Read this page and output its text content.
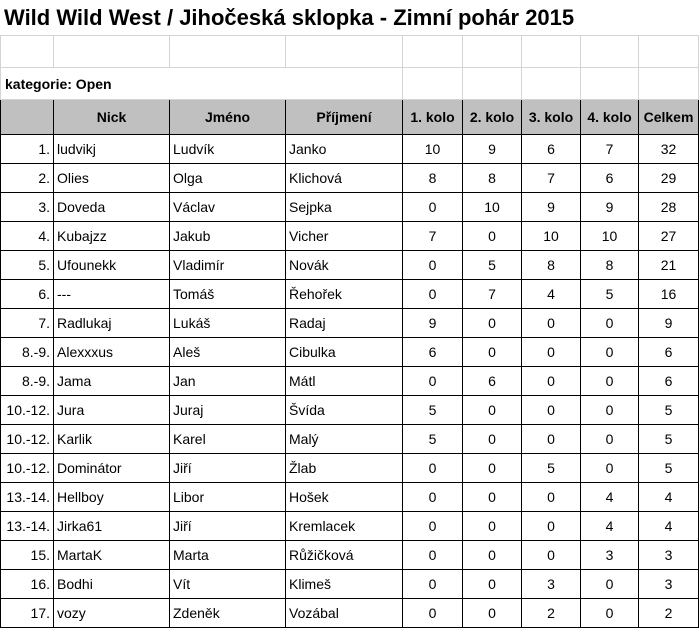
Wild Wild West / Jihočeská sklopka - Zimní pohár 2015

kategorie: Open								
	Nick	Jméno	Příjmení	1. kolo	2. kolo	3. kolo	4. kolo	Celkem
1.	ludvikj	Ludvík	Janko	10	9	6	7	32
2.	Olies	Olga	Klichová	8	8	7	6	29
3.	Doveda	Václav	Sejpka	0	10	9	9	28
4.	Kubajzz	Jakub	Vicher	7	0	10	10	27
5.	Ufounekk	Vladimír	Novák	0	5	8	8	21
6.	---	Tomáš	Řehořek	0	7	4	5	16
7.	Radlukaj	Lukáš	Radaj	9	0	0	0	9
8.-9.	Alexxxus	Aleš	Cibulka	6	0	0	0	6
8.-9.	Jama	Jan	Mátl	0	6	0	0	6
10.-12.	Jura	Juraj	Švída	5	0	0	0	5
10.-12.	Karlik	Karel	Malý	5	0	0	0	5
10.-12.	Dominátor	Jiří	Žlab	0	0	5	0	5
13.-14.	Hellboy	Libor	Hošek	0	0	0	4	4
13.-14.	Jirka61	Jiří	Kremlacek	0	0	0	4	4
15.	MartaK	Marta	Růžičková	0	0	0	3	3
16.	Bodhi	Vít	Klimeš	0	0	3	0	3
17.	vozy	Zdeněk	Vozábal	0	0	2	0	2
